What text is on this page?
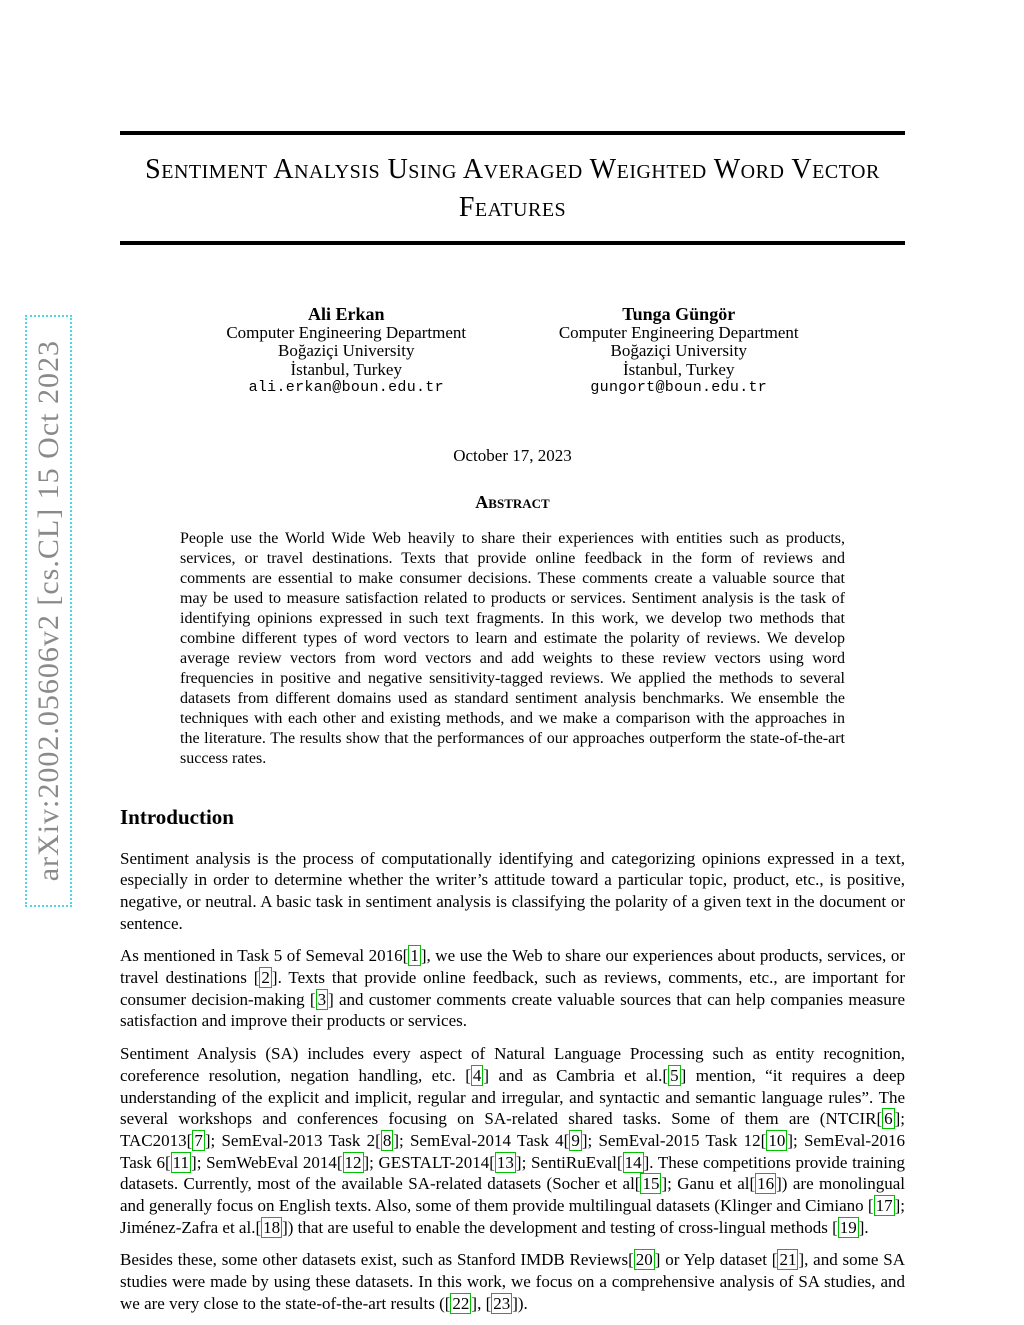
arXiv:2002.05606v2 [cs.CL] 15 Oct 2023
Sentiment Analysis Using Averaged Weighted Word Vector Features
Ali Erkan
Computer Engineering Department
Boğaziçi University
İstanbul, Turkey
ali.erkan@boun.edu.tr
Tunga Güngör
Computer Engineering Department
Boğaziçi University
İstanbul, Turkey
gungort@boun.edu.tr
October 17, 2023
Abstract
People use the World Wide Web heavily to share their experiences with entities such as products, services, or travel destinations. Texts that provide online feedback in the form of reviews and comments are essential to make consumer decisions. These comments create a valuable source that may be used to measure satisfaction related to products or services. Sentiment analysis is the task of identifying opinions expressed in such text fragments. In this work, we develop two methods that combine different types of word vectors to learn and estimate the polarity of reviews. We develop average review vectors from word vectors and add weights to these review vectors using word frequencies in positive and negative sensitivity-tagged reviews. We applied the methods to several datasets from different domains used as standard sentiment analysis benchmarks. We ensemble the techniques with each other and existing methods, and we make a comparison with the approaches in the literature. The results show that the performances of our approaches outperform the state-of-the-art success rates.
Introduction

Sentiment analysis is the process of computationally identifying and categorizing opinions expressed in a text, especially in order to determine whether the writer’s attitude toward a particular topic, product, etc., is positive, negative, or neutral. A basic task in sentiment analysis is classifying the polarity of a given text in the document or sentence.

As mentioned in Task 5 of Semeval 2016[ 1 ], we use the Web to share our experiences about products, services, or travel destinations [ 2 ]. Texts that provide online feedback, such as reviews, comments, etc., are important for consumer decision-making [ 3 ] and customer comments create valuable sources that can help companies measure satisfaction and improve their products or services.

Sentiment Analysis (SA) includes every aspect of Natural Language Processing such as entity recognition, coreference resolution, negation handling, etc. [ 4 ] and as Cambria et al.[ 5 ] mention, “it requires a deep understanding of the explicit and implicit, regular and irregular, and syntactic and semantic language rules”. The several workshops and conferences focusing on SA-related shared tasks. Some of them are (NTCIR[ 6 ]; TAC2013[ 7 ]; SemEval-2013 Task 2[ 8 ]; SemEval-2014 Task 4[ 9 ]; SemEval-2015 Task 12[ 10 ]; SemEval-2016 Task 6[ 11 ]; SemWebEval 2014[ 12 ]; GESTALT-2014[ 13 ]; SentiRuEval[ 14 ]. These competitions provide training datasets. Currently, most of the available SA-related datasets (Socher et al[ 15 ]; Ganu et al[ 16 ]) are monolingual and generally focus on English texts. Also, some of them provide multilingual datasets (Klinger and Cimiano [ 17 ]; Jiménez-Zafra et al.[ 18 ]) that are useful to enable the development and testing of cross-lingual methods [ 19 ].

Besides these, some other datasets exist, such as Stanford IMDB Reviews[ 20 ] or Yelp dataset [ 21 ], and some SA studies were made by using these datasets. In this work, we focus on a comprehensive analysis of SA studies, and we are very close to the state-of-the-art results ([ 22 ], [ 23 ]).
